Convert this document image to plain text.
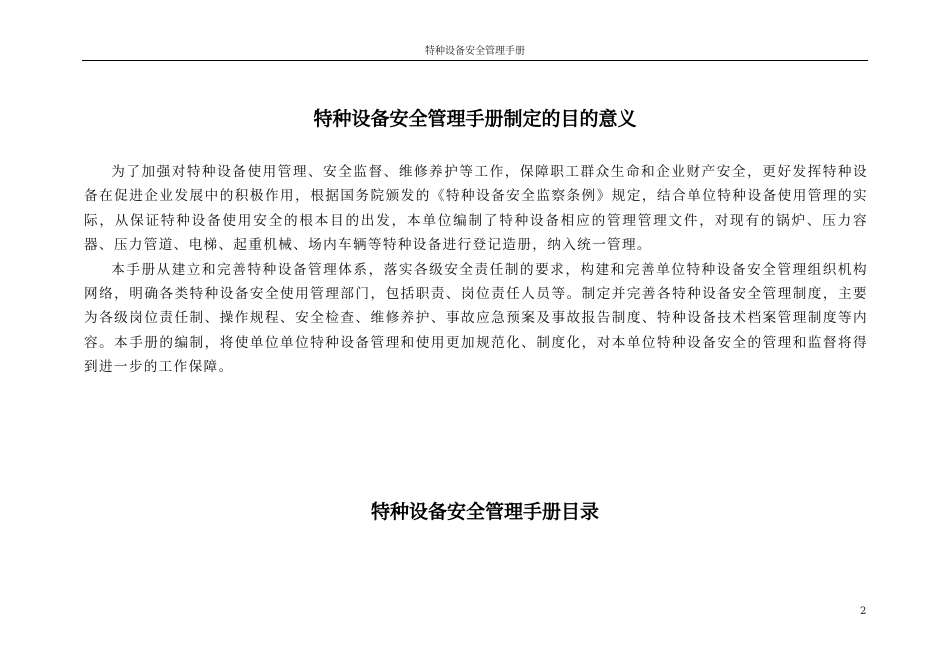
特种设备安全管理手册
特种设备安全管理手册制定的目的意义

为了加强对特种设备使用管理、安全监督、维修养护等工作，保障职工群众生命和企业财产安全，更好发挥特种设备在促进企业发展中的积极作用，根据国务院颁发的《特种设备安全监察条例》规定，结合单位特种设备使用管理的实际，从保证特种设备使用安全的根本目的出发，本单位编制了特种设备相应的管理管理文件，对现有的锅炉、压力容器、压力管道、电梯、起重机械、场内车辆等特种设备进行登记造册，纳入统一管理。

本手册从建立和完善特种设备管理体系，落实各级安全责任制的要求，构建和完善单位特种设备安全管理组织机构网络，明确各类特种设备安全使用管理部门，包括职责、岗位责任人员等。制定并完善各特种设备安全管理制度，主要为各级岗位责任制、操作规程、安全检查、维修养护、事故应急预案及事故报告制度、特种设备技术档案管理制度等内容。本手册的编制，将使单位单位特种设备管理和使用更加规范化、制度化，对本单位特种设备安全的管理和监督将得到进一步的工作保障。

特种设备安全管理手册目录
2
